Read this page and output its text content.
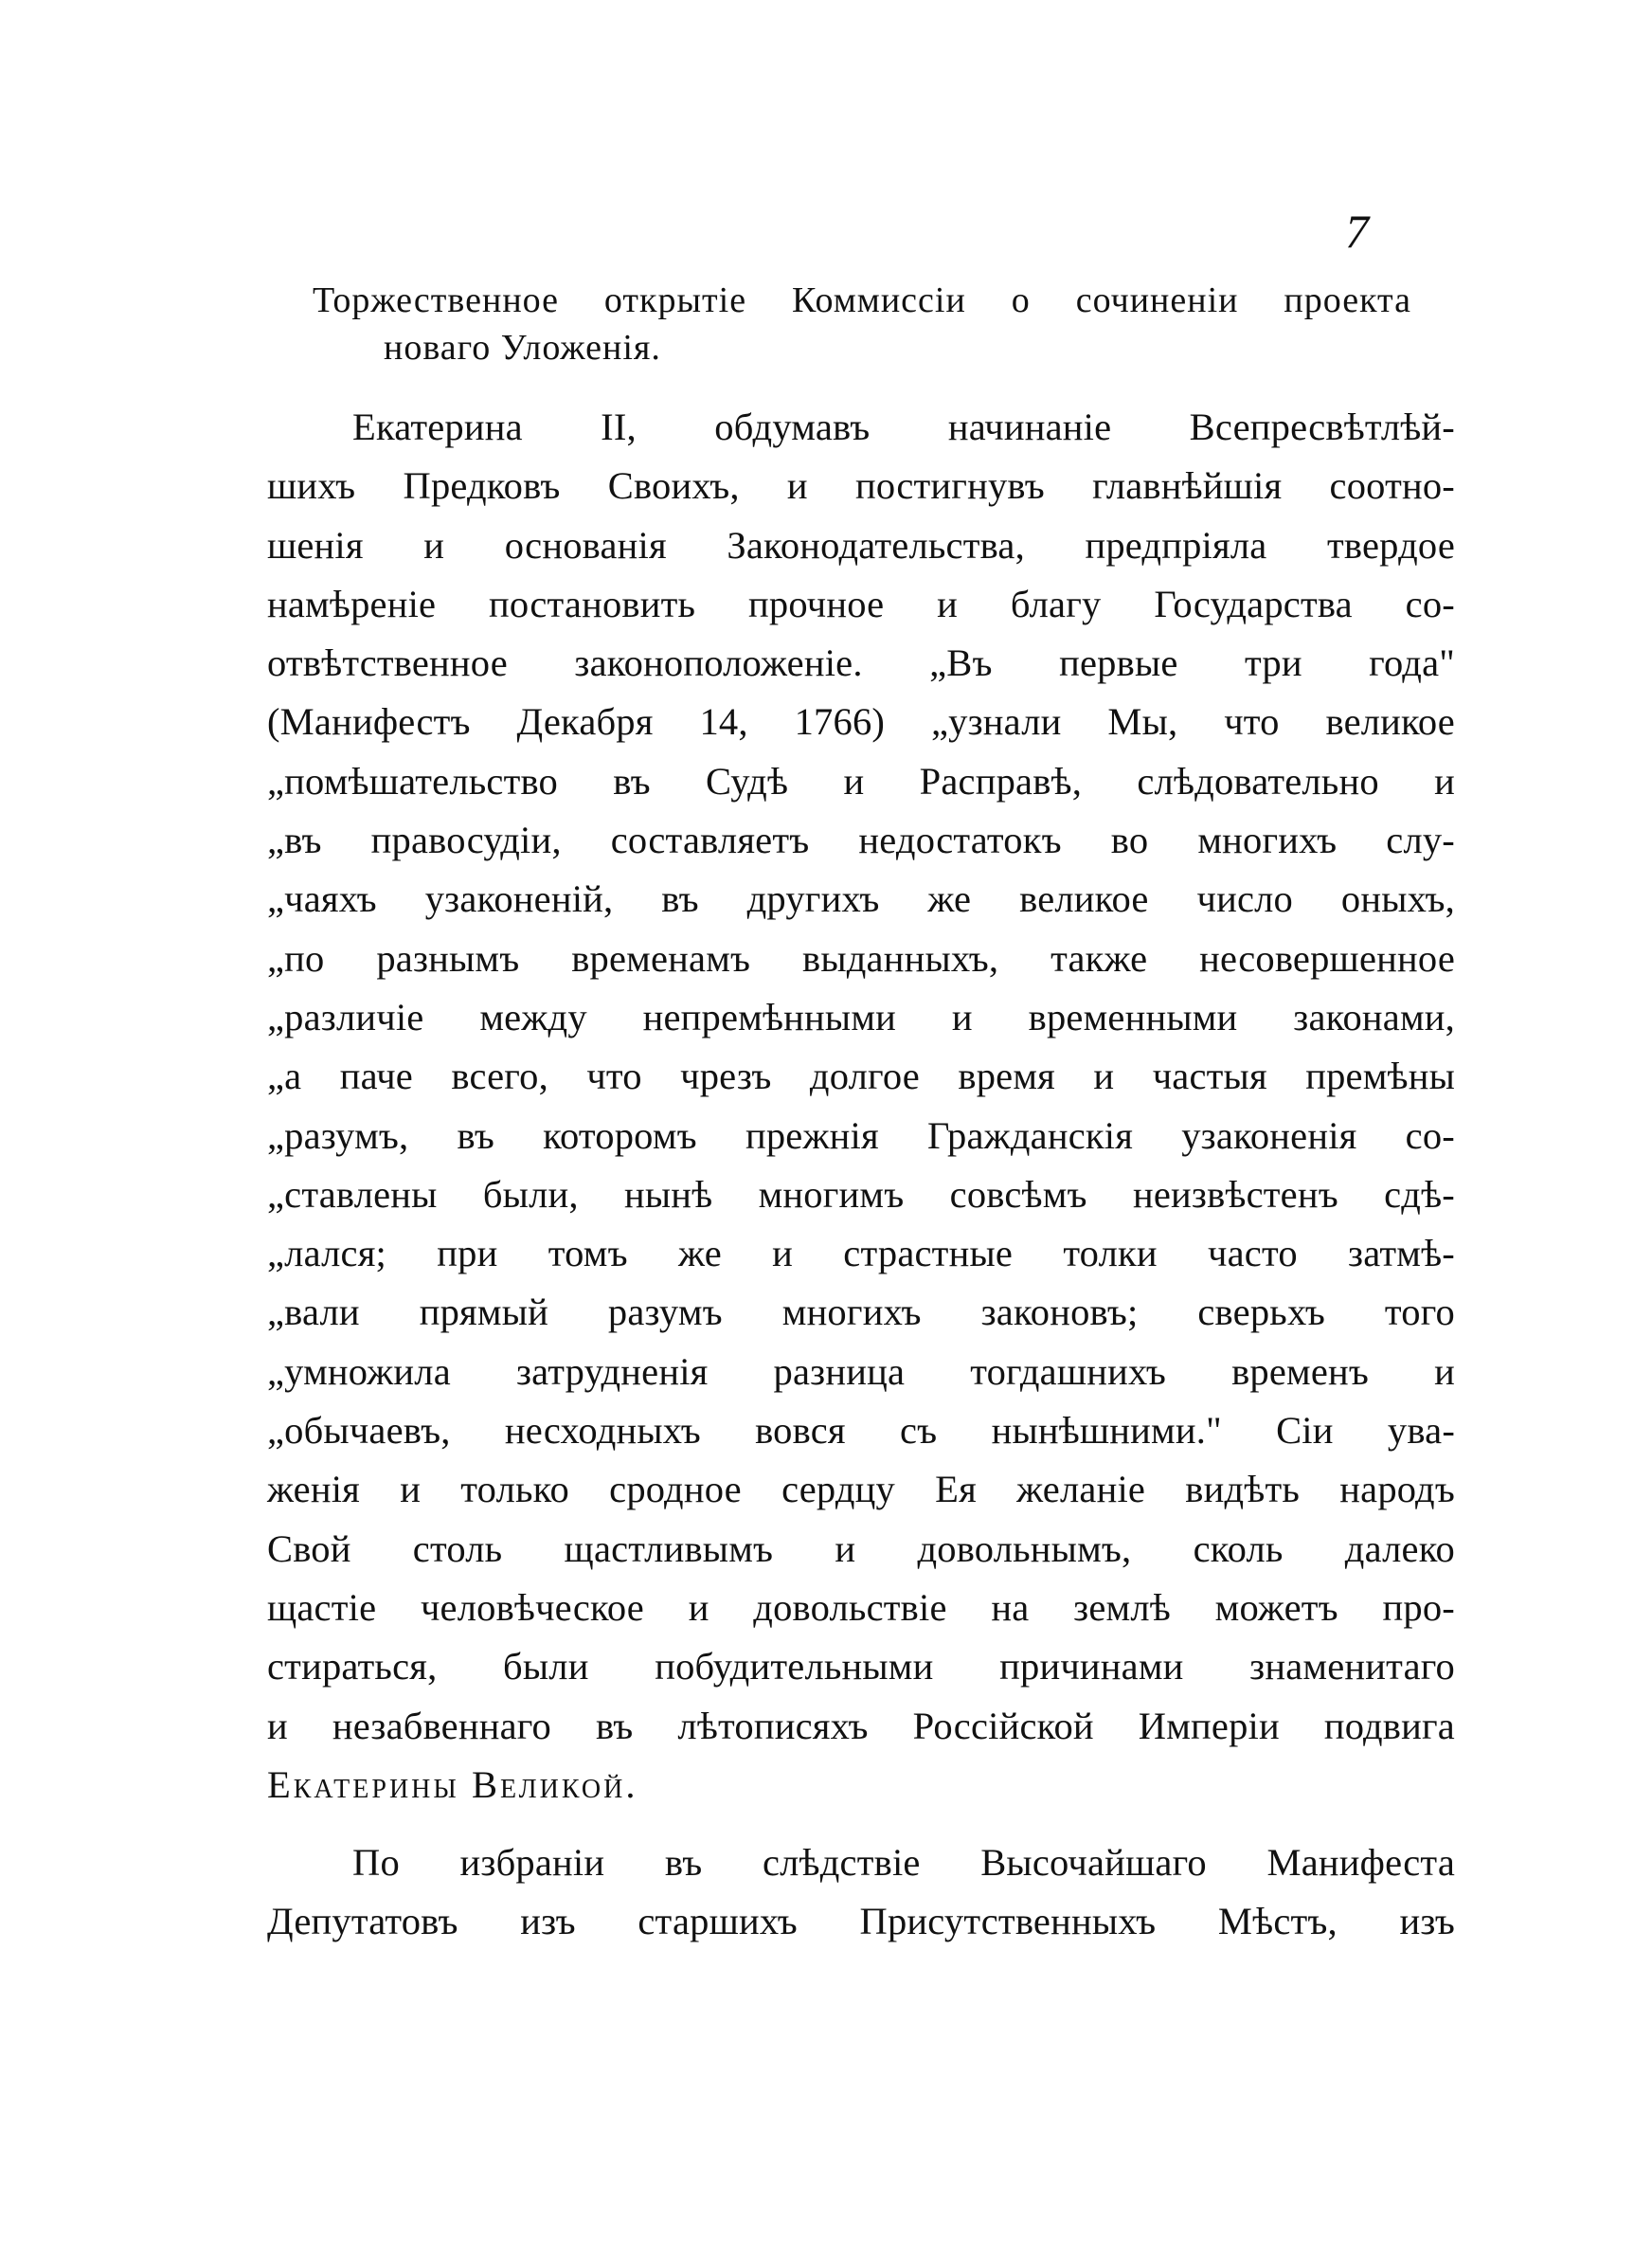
7
Торжественное открытіе Коммиссіи о сочиненіи проекта
новаго Уложенія.

Екатерина II, обдумавъ начинаніе Всепресвѣтлѣй-
шихъ Предковъ Своихъ, и постигнувъ главнѣйшія соотно-
шенія и основанія Законодательства, предпріяла твердое
намѣреніе постановить прочное и благу Государства со-
отвѣтственное законоположеніе. „Въ первые три года"
(Манифестъ Декабря 14, 1766) „узнали Мы, что великое
„помѣшательство въ Судѣ и Расправѣ, слѣдовательно и
„въ правосудіи, составляетъ недостатокъ во многихъ слу-
„чаяхъ узаконеній, въ другихъ же великое число оныхъ,
„по разнымъ временамъ выданныхъ, также несовершенное
„различіе между непремѣнными и временными законами,
„а паче всего, что чрезъ долгое время и частыя премѣны
„разумъ, въ которомъ прежнія Гражданскія узаконенія со-
„ставлены были, нынѣ многимъ совсѣмъ неизвѣстенъ сдѣ-
„лался; при томъ же и страстные толки часто затмѣ-
„вали прямый разумъ многихъ законовъ; сверьхъ того
„умножила затрудненія разница тогдашнихъ временъ и
„обычаевъ, несходныхъ вовся съ нынѣшними." Сіи ува-
женія и только сродное сердцу Ея желаніе видѣть народъ
Свой столь щастливымъ и довольнымъ, сколь далеко
щастіе человѣческое и довольствіе на землѣ можетъ про-
стираться, были побудительными причинами знаменитаго
и незабвеннаго въ лѣтописяхъ Россійской Имперіи подвига
Екатерины Великой.

По избраніи въ слѣдствіе Высочайшаго Манифеста
Депутатовъ изъ старшихъ Присутственныхъ Мѣстъ, изъ
